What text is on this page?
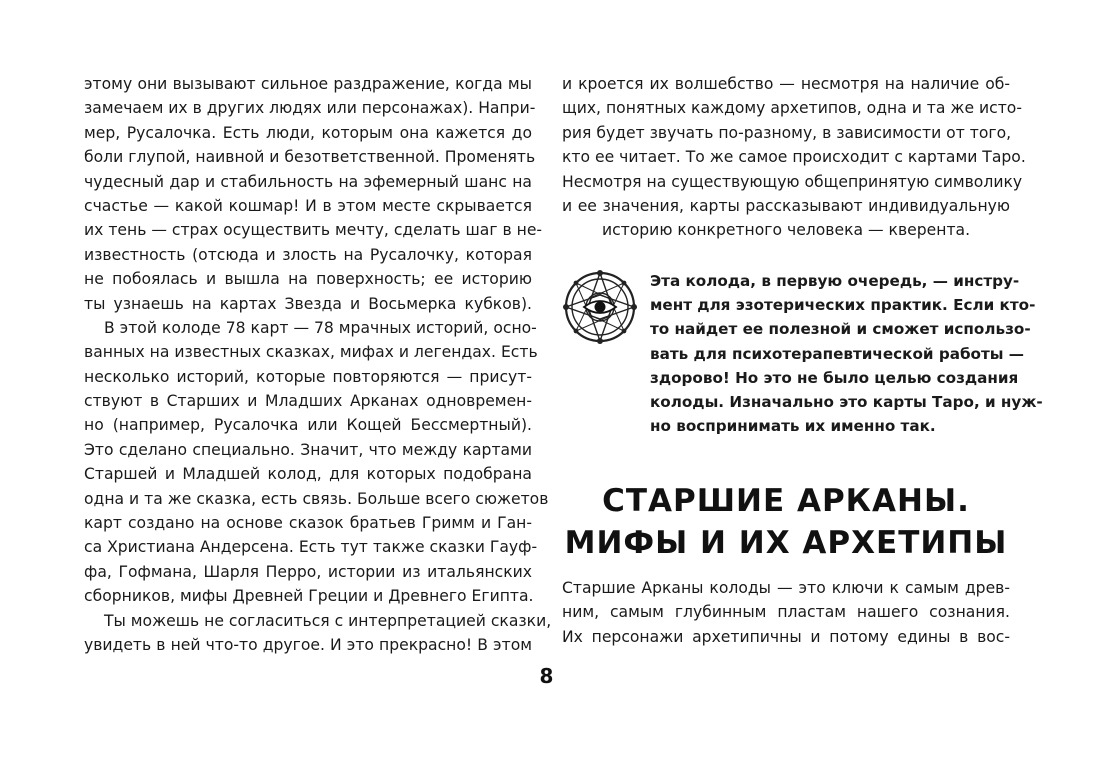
этому они вызывают сильное раздражение, когда мы
замечаем их в других людях или персонажах). Напри-
мер, Русалочка. Есть люди, которым она кажется до
боли глупой, наивной и безответственной. Променять
чудесный дар и стабильность на эфемерный шанс на
счастье — какой кошмар! И в этом месте скрывается
их тень — страх осуществить мечту, сделать шаг в не-
известность (отсюда и злость на Русалочку, которая
не побоялась и вышла на поверхность; ее историю
ты узнаешь на картах Звезда и Восьмерка кубков).
В этой колоде 78 карт — 78 мрачных историй, осно-
ванных на известных сказках, мифах и легендах. Есть
несколько историй, которые повторяются — присут-
ствуют в Старших и Младших Арканах одновремен-
но (например, Русалочка или Кощей Бессмертный).
Это сделано специально. Значит, что между картами
Старшей и Младшей колод, для которых подобрана
одна и та же сказка, есть связь. Больше всего сюжетов
карт создано на основе сказок братьев Гримм и Ган-
са Христиана Андерсена. Есть тут также сказки Гауф-
фа, Гофмана, Шарля Перро, истории из итальянских
сборников, мифы Древней Греции и Древнего Египта.
Ты можешь не согласиться с интерпретацией сказки,
увидеть в ней что-то другое. И это прекрасно! В этом
и кроется их волшебство — несмотря на наличие об-
щих, понятных каждому архетипов, одна и та же исто-
рия будет звучать по-разному, в зависимости от того,
кто ее читает. То же самое происходит с картами Таро.
Несмотря на существующую общепринятую символику
и ее значения, карты рассказывают индивидуальную
историю конкретного человека — кверента.
Эта колода, в первую очередь, — инстру-
мент для эзотерических практик. Если кто-
то найдет ее полезной и сможет использо-
вать для психотерапевтической работы —
здорово! Но это не было целью создания
колоды. Изначально это карты Таро, и нуж-
но воспринимать их именно так.
СТАРШИЕ АРКАНЫ.
МИФЫ И ИХ АРХЕТИПЫ
Старшие Арканы колоды — это ключи к самым древ-
ним, самым глубинным пластам нашего сознания.
Их персонажи архетипичны и потому едины в вос-
8
